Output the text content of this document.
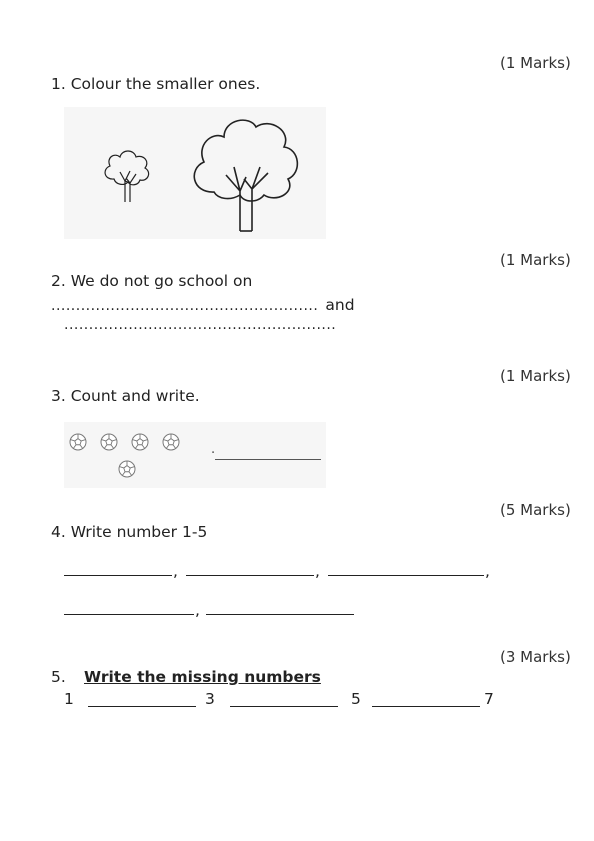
(1 Marks)
1. Colour the smaller ones.
(1 Marks)
2. We do not go school on
...................................................... and
.......................................................
(1 Marks)
3. Count and write.
.
(5 Marks)
4. Write number 1-5
,	,	,
,
(3 Marks)
5. Write the missing numbers
1	3	5	7
